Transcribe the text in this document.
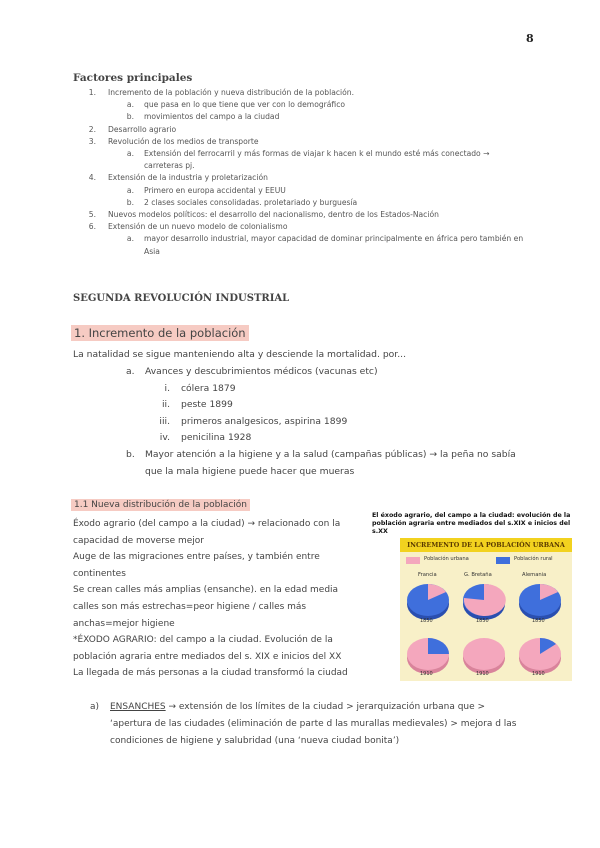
8
Factores principales
1. Incremento de la población y nueva distribución de la población.
a. que pasa en lo que tiene que ver con lo demográfico
b. movimientos del campo a la ciudad
2. Desarrollo agrario
3. Revolución de los medios de transporte
a. Extensión del ferrocarril y más formas de viajar k hacen k el mundo esté más conectado →
carreteras pj.
4. Extensión de la industria y proletarización
a. Primero en europa accidental y EEUU
b. 2 clases sociales consolidadas. proletariado y burguesía
5. Nuevos modelos políticos: el desarrollo del nacionalismo, dentro de los Estados-Nación
6. Extensión de un nuevo modelo de colonialismo
a. mayor desarrollo industrial, mayor capacidad de dominar principalmente en áfrica pero también en
Asia
SEGUNDA REVOLUCIÓN INDUSTRIAL
1. Incremento de la población
La natalidad se sigue manteniendo alta y desciende la mortalidad. por...
a. Avances y descubrimientos médicos (vacunas etc)
i. cólera 1879

ii. peste 1899

iii. primeros analgesicos, aspirina 1899

iv. penicilina 1928

b. Mayor atención a la higiene y a la salud (campañas públicas) → la peña no sabía
que la mala higiene puede hacer que mueras
1.1 Nueva distribución de la población
Éxodo agrario (del campo a la ciudad) → relacionado con la
capacidad de moverse mejor
Auge de las migraciones entre países, y también entre
continentes
Se crean calles más amplias (ensanche). en la edad media
calles son más estrechas=peor higiene / calles más
anchas=mejor higiene
*ÉXODO AGRARIO: del campo a la ciudad. Evolución de la
población agraria entre mediados del s. XIX e inicios del XX
La llegada de más personas a la ciudad transformó la ciudad
El éxodo agrario, del campo a la ciudad: evolución de la población agraria entre mediados del s.XIX e inicios del s.XX
INCREMENTO DE LA POBLACIÓN URBANA
Población urbana	Población rural
Francia	G. Bretaña	Alemania
1850	1850	1850
1910	1910	1910
a) ENSANCHES → extensión de los límites de la ciudad > jerarquización urbana que >
‘apertura de las ciudades (eliminación de parte d las murallas medievales) > mejora d las
condiciones de higiene y salubridad (una ‘nueva ciudad bonita’)
